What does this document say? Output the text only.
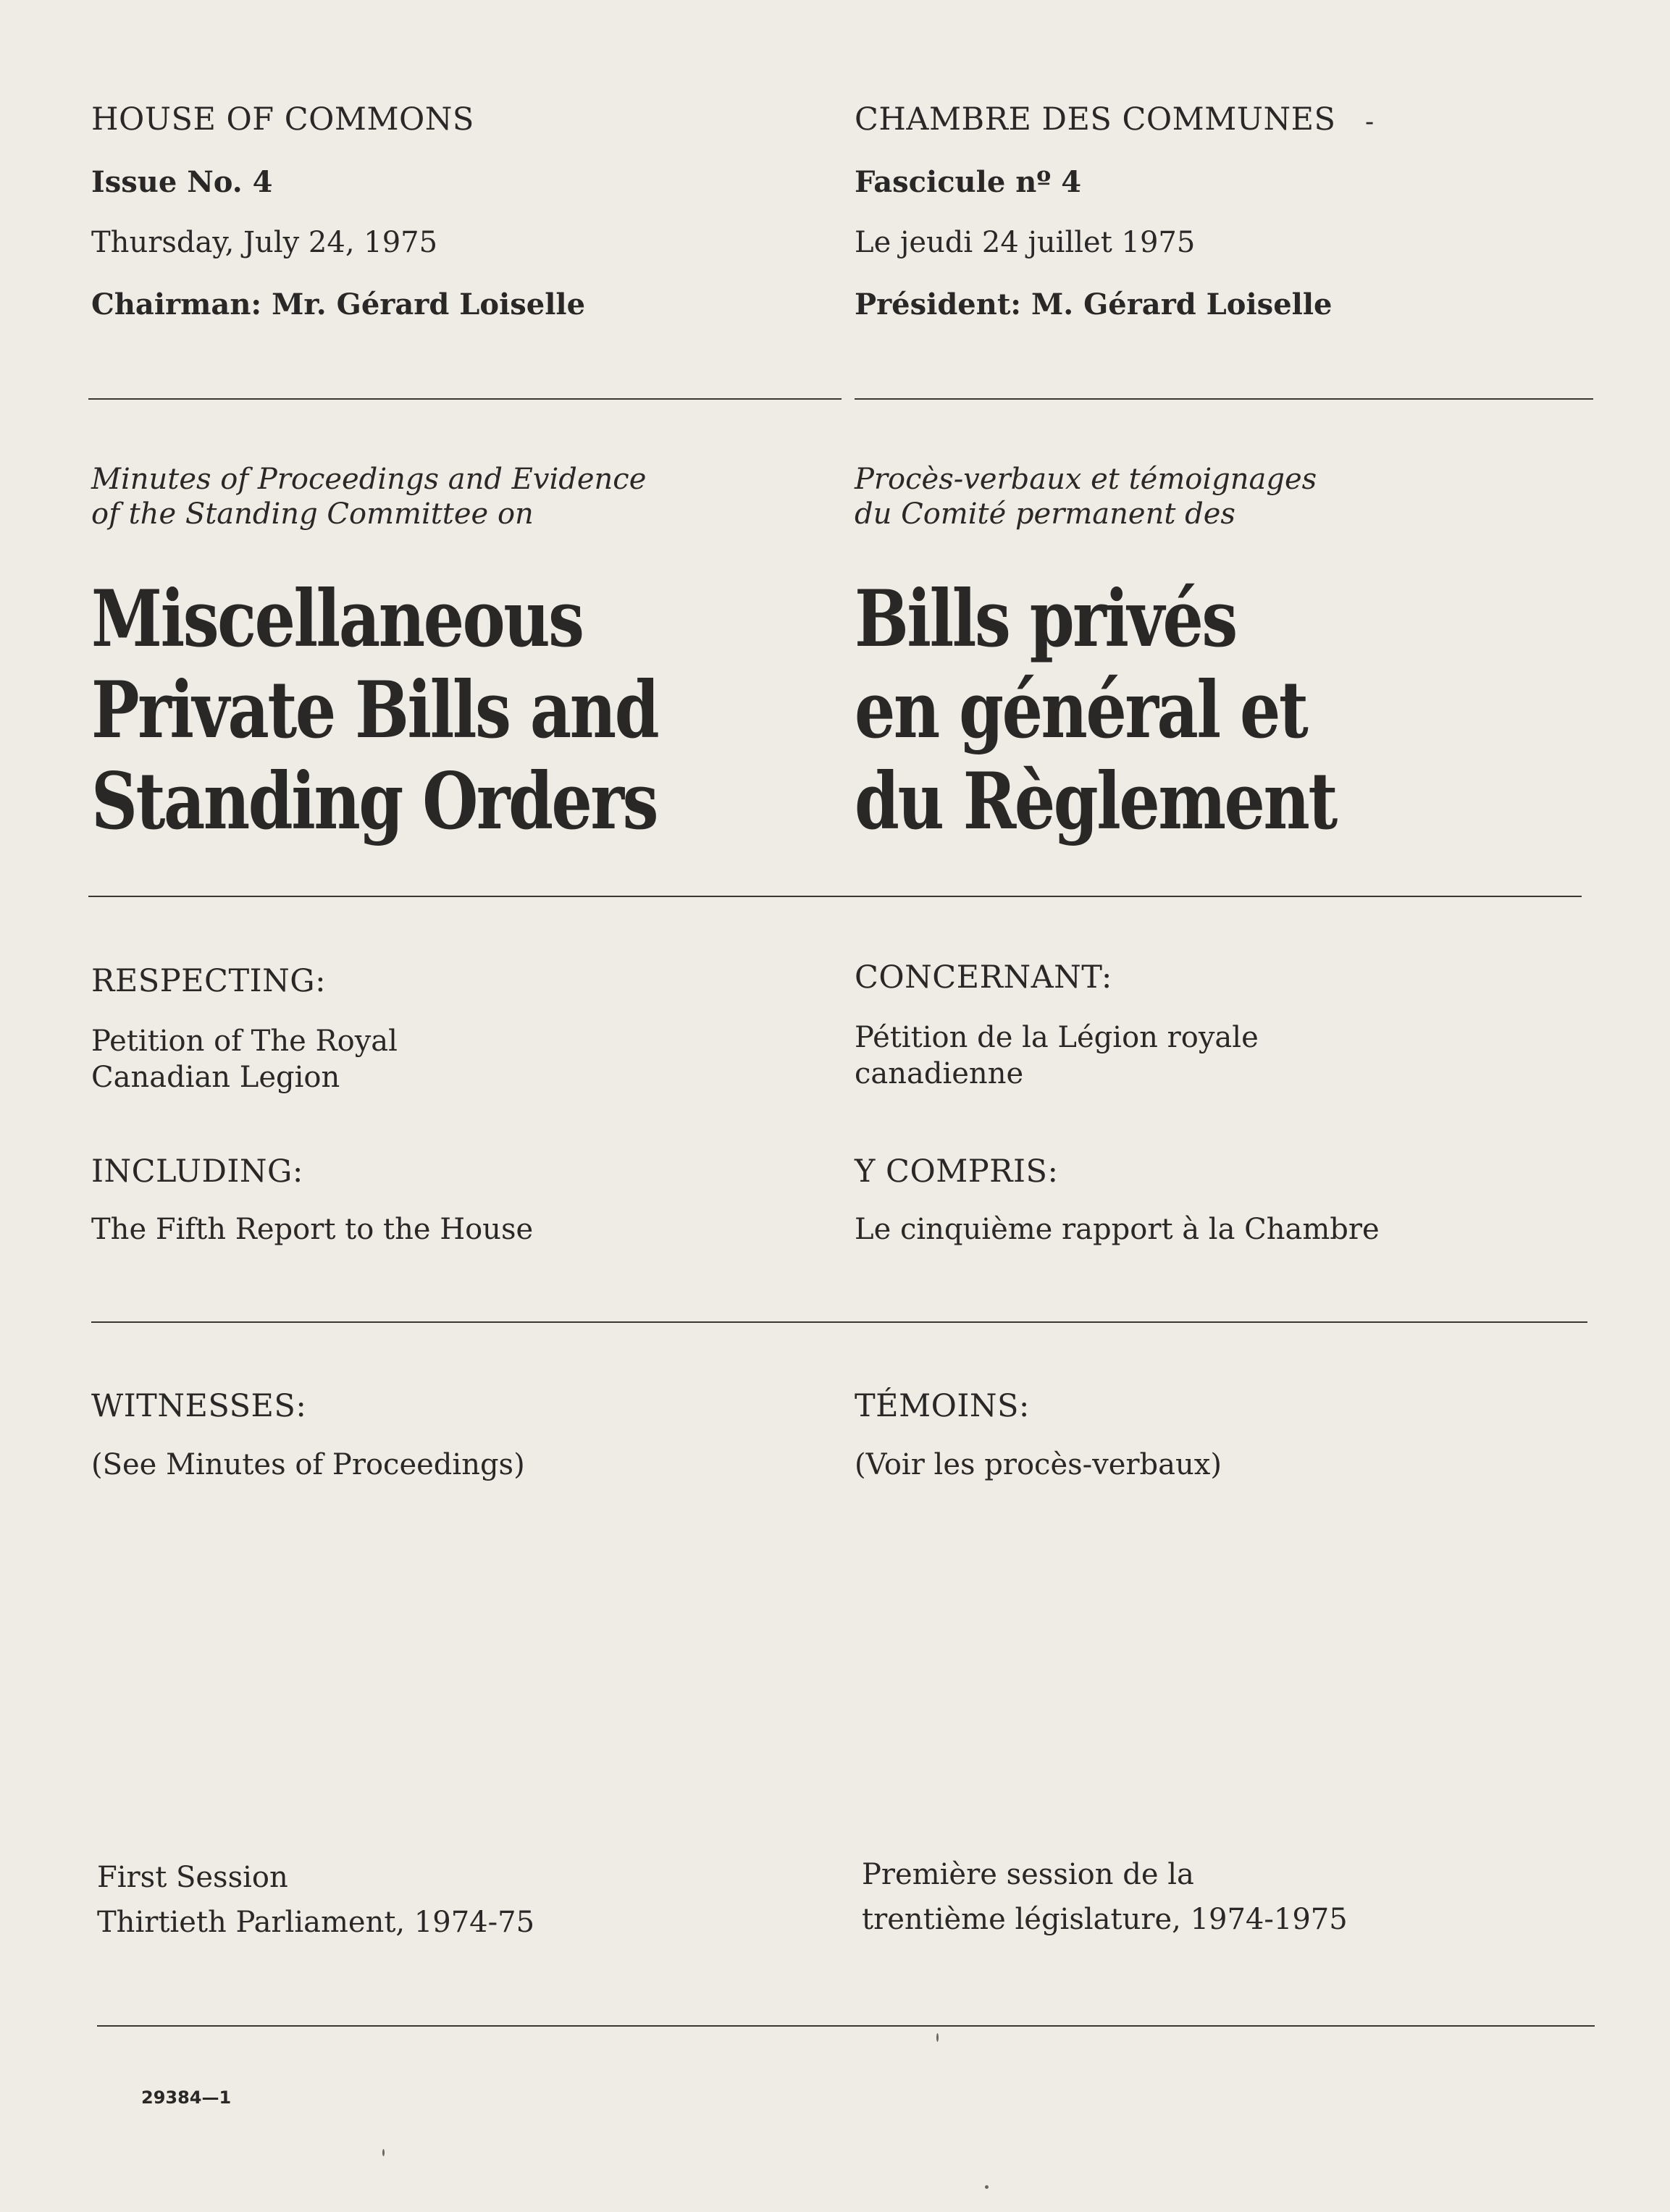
HOUSE OF COMMONS
Issue No. 4
Thursday, July 24, 1975
Chairman: Mr. Gérard Loiselle
Minutes of Proceedings and Evidence
of the Standing Committee on
Miscellaneous
Private Bills and
Standing Orders
RESPECTING:
Petition of The Royal
Canadian Legion
INCLUDING:
The Fifth Report to the House
WITNESSES:
(See Minutes of Proceedings)
First Session
Thirtieth Parliament, 1974-75
CHAMBRE DES COMMUNES
Fascicule nº 4
Le jeudi 24 juillet 1975
Président: M. Gérard Loiselle
Procès-verbaux et témoignages
du Comité permanent des
Bills privés
en général et
du Règlement
CONCERNANT:
Pétition de la Légion royale
canadienne
Y COMPRIS:
Le cinquième rapport à la Chambre
TÉMOINS:
(Voir les procès-verbaux)
Première session de la
trentième législature, 1974-1975
-
29384—1
